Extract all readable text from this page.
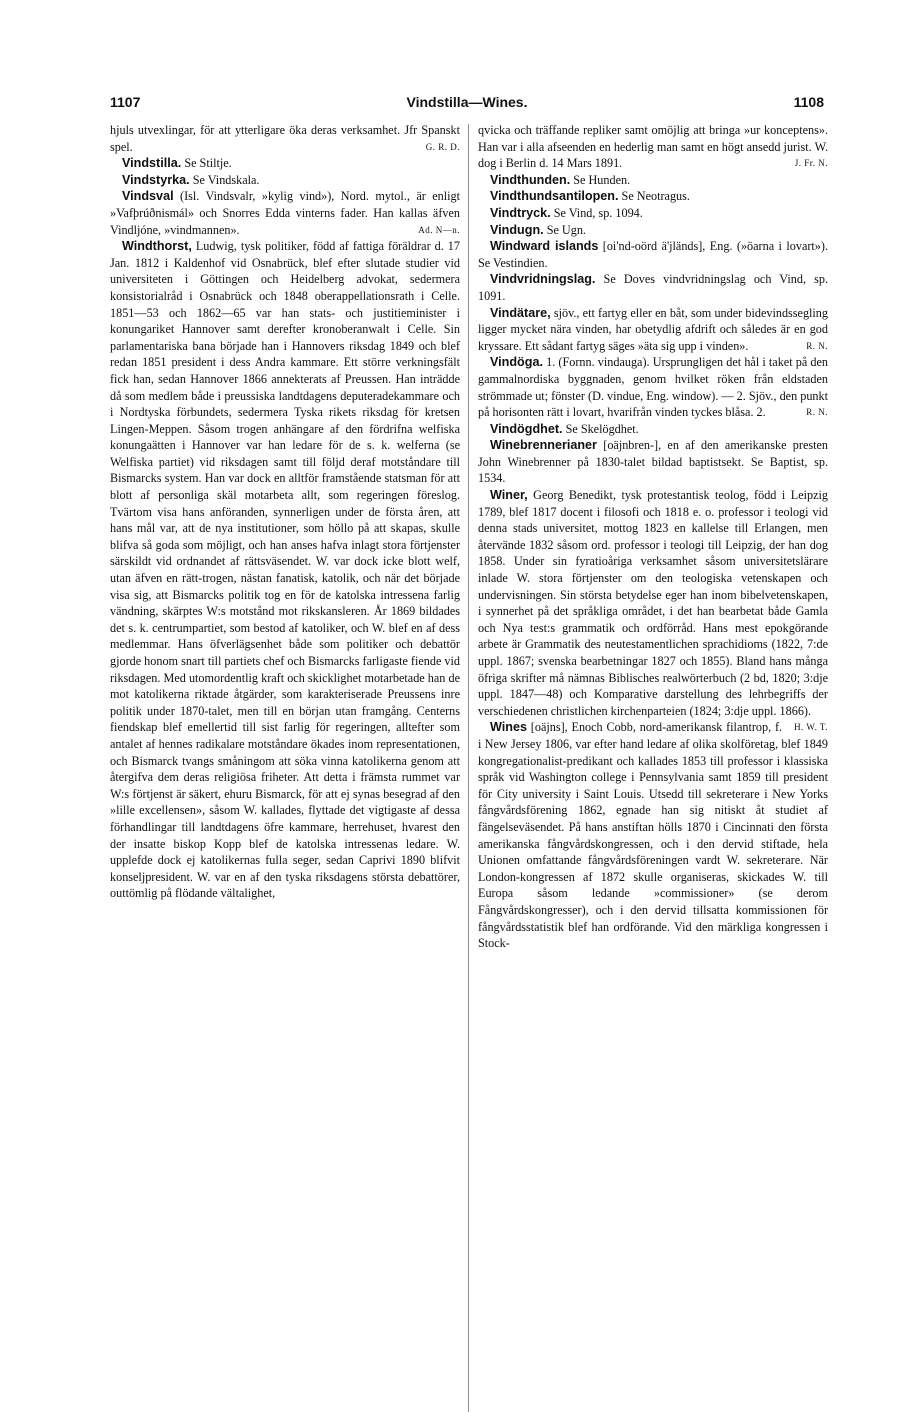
1107	Vindstilla—Wines.	1108

hjuls utvexlingar, för att ytterligare öka deras verksamhet. Jfr Spanskt spel.	G. R. D.

Vindstilla. Se Stiltje.

Vindstyrka. Se Vindskala.

Vindsval (Isl. Vindsvalr, »kylig vind»), Nord. mytol., är enligt »Vafþrúðnismál» och Snorres Edda vinterns fader. Han kallas äfven Vindljóne, »vindmannen».	Ad. N—n.

Windthorst, Ludwig, tysk politiker, född af fattiga föräldrar d. 17 Jan. 1812 i Kaldenhof vid Osnabrück, blef efter slutade studier vid universiteten i Göttingen och Heidelberg advokat, sedermera konsistorialråd i Osnabrück och 1848 oberappellationsrath i Celle. 1851—53 och 1862—65 var han stats- och justitieminister i konungariket Hannover samt derefter kronoberanwalt i Celle. Sin parlamentariska bana började han i Hannovers riksdag 1849 och blef redan 1851 president i dess Andra kammare. Ett större verkningsfält fick han, sedan Hannover 1866 annekterats af Preussen. Han inträdde då som medlem både i preussiska landtdagens deputeradekammare och i Nordtyska förbundets, sedermera Tyska rikets riksdag för kretsen Lingen-Meppen. Såsom trogen anhängare af den fördrifna welfiska konungaätten i Hannover var han ledare för de s. k. welferna (se Welfiska partiet) vid riksdagen samt till följd deraf motståndare till Bismarcks system. Han var dock en alltför framstående statsman för att blott af personliga skäl motarbeta allt, som regeringen föreslog. Tvärtom visa hans anföranden, synnerligen under de första åren, att hans mål var, att de nya institutioner, som höllo på att skapas, skulle blifva så goda som möjligt, och han anses hafva inlagt stora förtjenster särskildt vid ordnandet af rättsväsendet. W. var dock icke blott welf, utan äfven en rätt-trogen, nästan fanatisk, katolik, och när det började visa sig, att Bismarcks politik tog en för de katolska intressena farlig vändning, skärptes W:s motstånd mot rikskansleren. År 1869 bildades det s. k. centrumpartiet, som bestod af katoliker, och W. blef en af dess medlemmar. Hans öfverlägsenhet både som politiker och debattör gjorde honom snart till partiets chef och Bismarcks farligaste fiende vid riksdagen. Med utomordentlig kraft och skicklighet motarbetade han de mot katolikerna riktade åtgärder, som karakteriserade Preussens inre politik under 1870-talet, men till en början utan framgång. Centerns fiendskap blef emellertid till sist farlig för regeringen, alltefter som antalet af hennes radikalare motståndare ökades inom representationen, och Bismarck tvangs småningom att söka vinna katolikerna genom att återgifva dem deras religiösa friheter. Att detta i främsta rummet var W:s förtjenst är säkert, ehuru Bismarck, för att ej synas besegrad af den »lille excellensen», såsom W. kallades, flyttade det vigtigaste af dessa förhandlingar till landtdagens öfre kammare, herrehuset, hvarest den der insatte biskop Kopp blef de katolska intressenas ledare. W. upplefde dock ej katolikernas fulla seger, sedan Caprivi 1890 blifvit konseljpresident. W. var en af den tyska riksdagens största debattörer, outtömlig på flödande vältalighet,

qvicka och träffande repliker samt omöjlig att bringa »ur konceptens». Han var i alla afseenden en hederlig man samt en högt ansedd jurist. W. dog i Berlin d. 14 Mars 1891.	J. Fr. N.

Vindthunden. Se Hunden.

Vindthundsantilopen. Se Neotragus.

Vindtryck. Se Vind, sp. 1094.

Vindugn. Se Ugn.

Windward islands [oi'nd-oörd ä'jländs], Eng. (»öarna i lovart»). Se Vestindien.

Vindvridningslag. Se Doves vindvridningslag och Vind, sp. 1091.

Vindätare, sjöv., ett fartyg eller en båt, som under bidevindssegling ligger mycket nära vinden, har obetydlig afdrift och således är en god kryssare. Ett sådant fartyg säges »äta sig upp i vinden».	R. N.

Vindöga. 1. (Fornn. vindauga). Ursprungligen det hål i taket på den gammalnordiska byggnaden, genom hvilket röken från eldstaden strömmade ut; fönster (D. vindue, Eng. window). — 2. Sjöv., den punkt på horisonten rätt i lovart, hvarifrån vinden tyckes blåsa. 2.	R. N.

Vindögdhet. Se Skelögdhet.

Winebrennerianer [oäjnbren-], en af den amerikanske presten John Winebrenner på 1830-talet bildad baptistsekt. Se Baptist, sp. 1534.

Winer, Georg Benedikt, tysk protestantisk teolog, född i Leipzig 1789, blef 1817 docent i filosofi och 1818 e. o. professor i teologi vid denna stads universitet, mottog 1823 en kallelse till Erlangen, men återvände 1832 såsom ord. professor i teologi till Leipzig, der han dog 1858. Under sin fyratioåriga verksamhet såsom universitetslärare inlade W. stora förtjenster om den teologiska vetenskapen och undervisningen. Sin största betydelse eger han inom bibelvetenskapen, i synnerhet på det språkliga området, i det han bearbetat både Gamla och Nya test:s grammatik och ordförråd. Hans mest epokgörande arbete är Grammatik des neutestamentlichen sprachidioms (1822, 7:de uppl. 1867; svenska bearbetningar 1827 och 1855). Bland hans många öfriga skrifter må nämnas Biblisches realwörterbuch (2 bd, 1820; 3:dje uppl. 1847—48) och Komparative darstellung des lehrbegriffs der verschiedenen christlichen kirchenparteien (1824; 3:dje uppl. 1866).
H. W. T.

Wines [oäjns], Enoch Cobb, nord-amerikansk filantrop, f. i New Jersey 1806, var efter hand ledare af olika skolföretag, blef 1849 kongregationalist-predikant och kallades 1853 till professor i klassiska språk vid Washington college i Pennsylvania samt 1859 till president för City university i Saint Louis. Utsedd till sekreterare i New Yorks fångvårdsförening 1862, egnade han sig nitiskt åt studiet af fängelseväsendet. På hans anstiftan hölls 1870 i Cincinnati den första amerikanska fångvårdskongressen, och i den dervid stiftade, hela Unionen omfattande fångvårdsföreningen vardt W. sekreterare. När London-kongressen af 1872 skulle organiseras, skickades W. till Europa såsom ledande »commissioner» (se derom Fångvårdskongresser), och i den dervid tillsatta kommissionen för fångvårdsstatistik blef han ordförande. Vid den märkliga kongressen i Stock-
